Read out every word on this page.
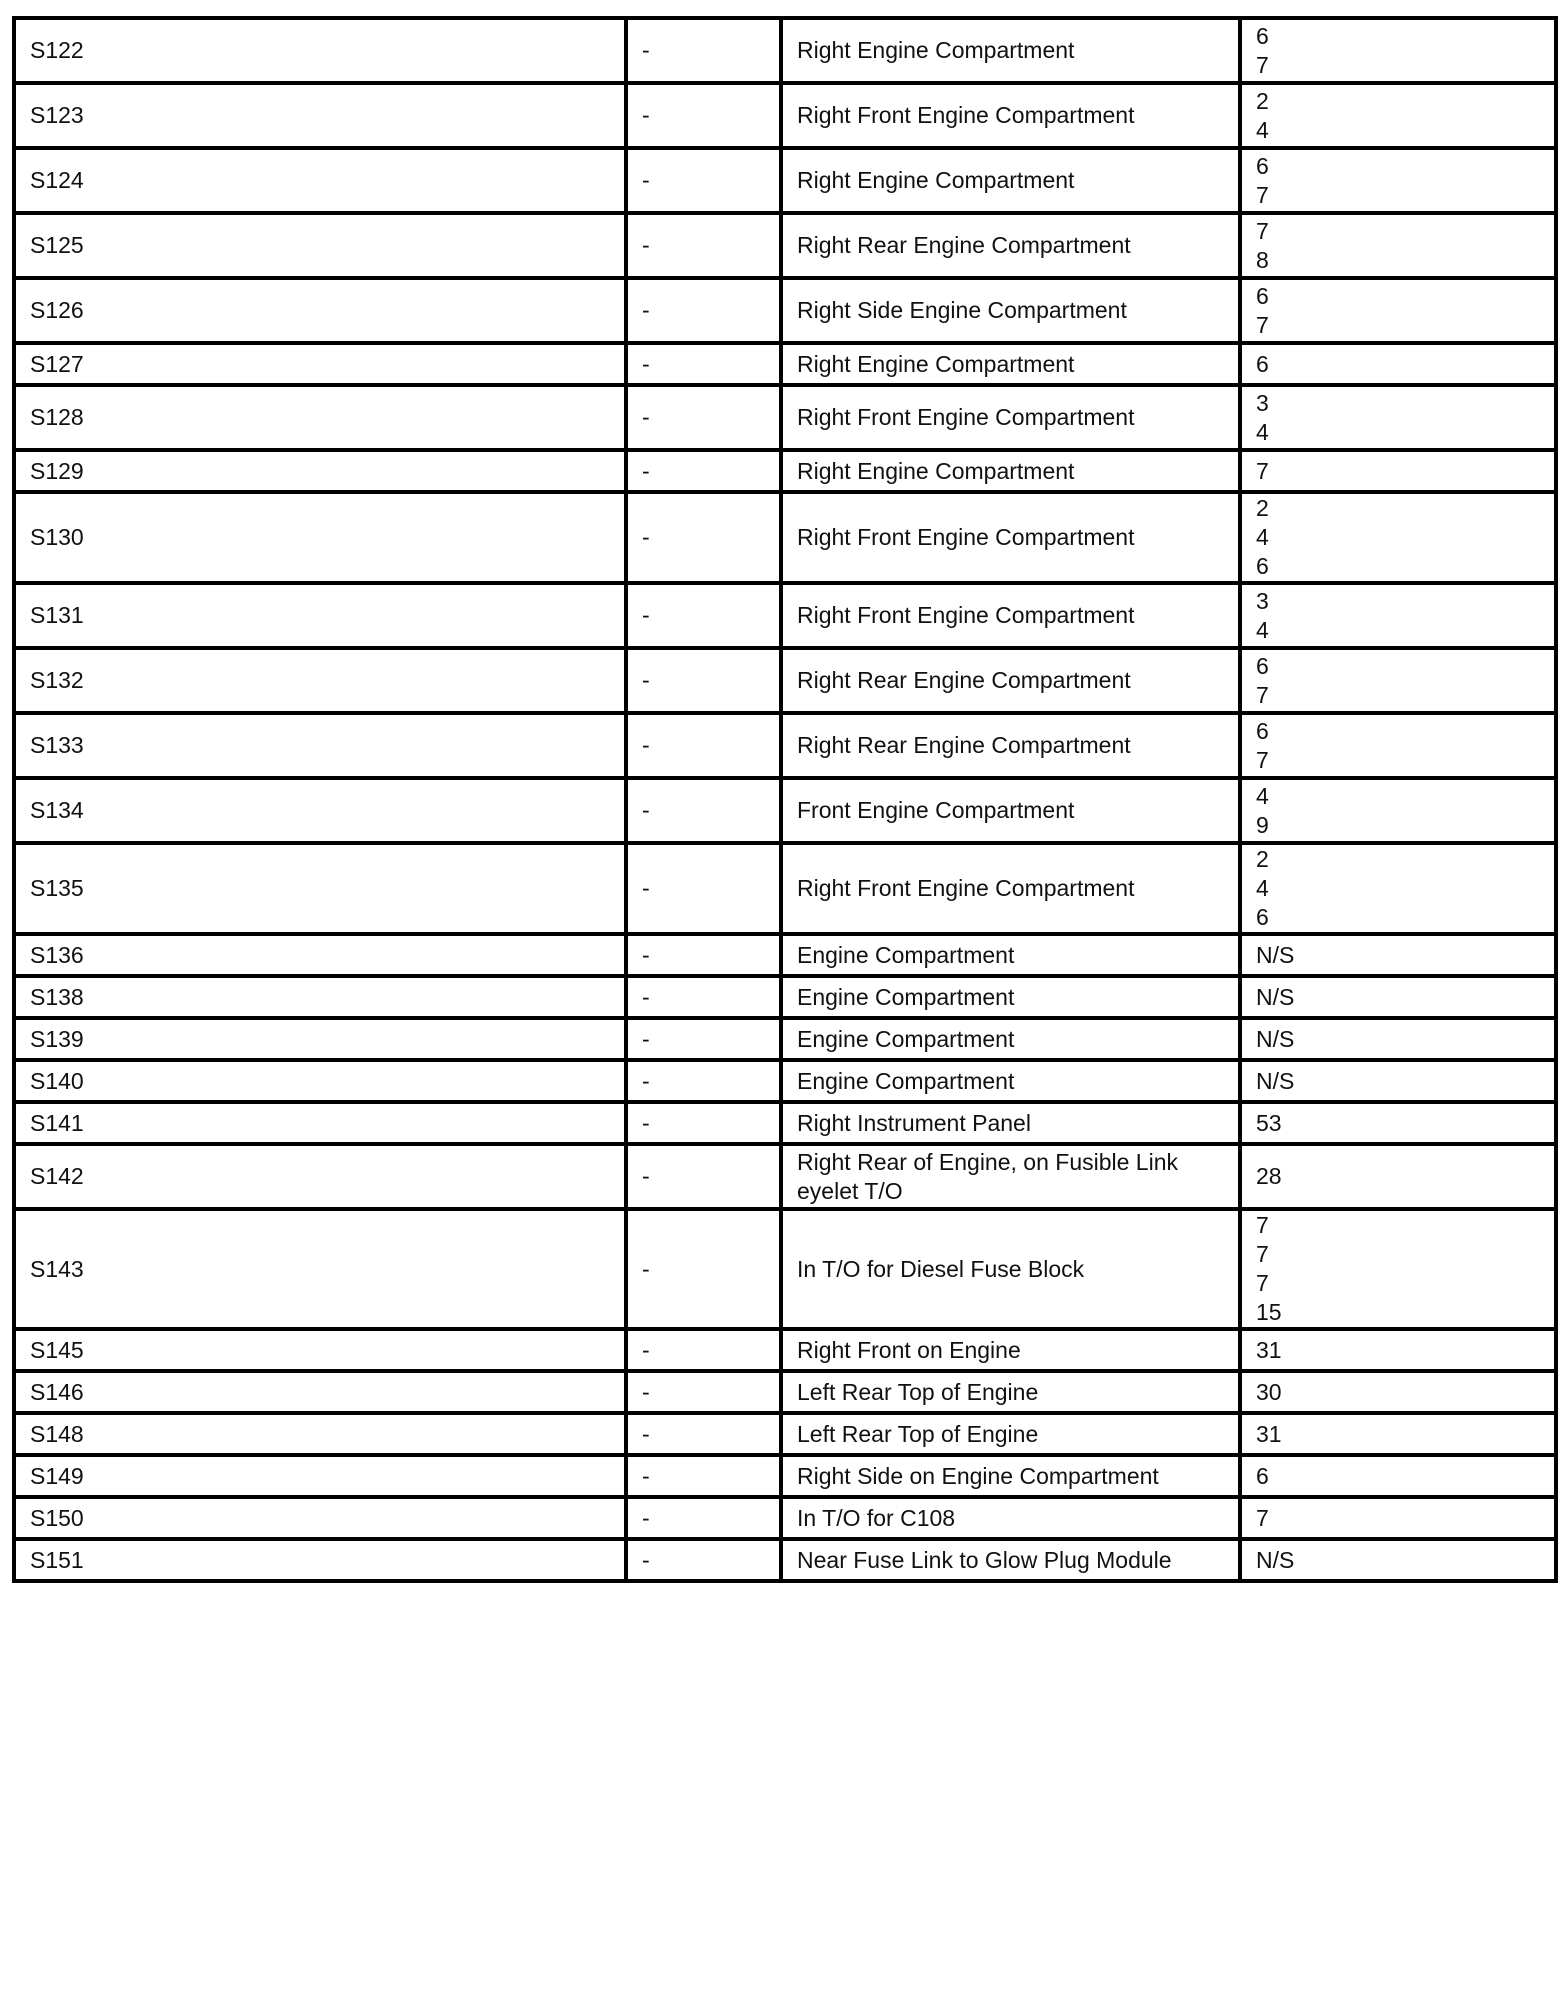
S122	-	Right Engine Compartment	6
7

S123	-	Right Front Engine Compartment	2
4

S124	-	Right Engine Compartment	6
7

S125	-	Right Rear Engine Compartment	7
8

S126	-	Right Side Engine Compartment	6
7

S127	-	Right Engine Compartment	6

S128	-	Right Front Engine Compartment	3
4

S129	-	Right Engine Compartment	7

S130	-	Right Front Engine Compartment	2
4
6

S131	-	Right Front Engine Compartment	3
4

S132	-	Right Rear Engine Compartment	6
7

S133	-	Right Rear Engine Compartment	6
7

S134	-	Front Engine Compartment	4
9

S135	-	Right Front Engine Compartment	2
4
6

S136	-	Engine Compartment	N/S

S138	-	Engine Compartment	N/S

S139	-	Engine Compartment	N/S

S140	-	Engine Compartment	N/S

S141	-	Right Instrument Panel	53

S142	-	Right Rear of Engine, on Fusible Link eyelet T/O	28

S143	-	In T/O for Diesel Fuse Block	7
7
7
15

S145	-	Right Front on Engine	31

S146	-	Left Rear Top of Engine	30

S148	-	Left Rear Top of Engine	31

S149	-	Right Side on Engine Compartment	6

S150	-	In T/O for C108	7

S151	-	Near Fuse Link to Glow Plug Module	N/S
